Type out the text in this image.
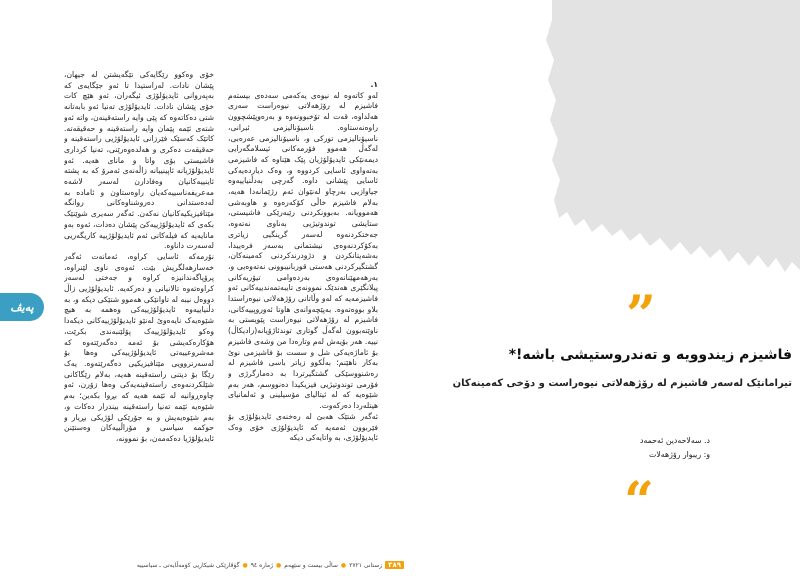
پەیڤ

١.

لەو کاتەوە لە نیوەی یەکەمی سەدەی بیستەم فاشیزم لە رۆژهەلاتی نیوەراست سەری هەلداوە، قەت لە تۆخبوونەوە و بەرەوپێشچوون راوەنەستاوە. ناسیۆنالیزمی ئیرانی، ناسیۆنالیزمی تورکی و، ناسیۆنالیزمی عەرەبی، لەگەڵ هەموو فۆرمەکانی ئیسلامگەرایی دیمەنێکی ئایدیۆلۆژیان پێک هێناوە کە فاشیزمی بەتەواوی ئاسایی کردووە و، وەک دیاردەیەکی ئاسایی پێشانی داوە. گەرچی بەدڵنیاییەوە جیاوازیی بەرچاو لەنێوان ئەم رژێمانەدا هەیە، بەلام فاشیزم خاڵی کۆکەرەوە و هاوبەشی هەموویانە. بەبوونکردنی رێبەرێکی فاشیستی، ستایشی توندوتیژیی بەناوی نەتەوە، جەختکردنەوە لەسەر گرینگیی زیاتری بەکۆکردنەوەی نیشتمانی بەسەر فرەییدا، بەشەیتانکردن و دژودرندکردنی کەمینەکان، گشتگیرکردنی هەستی قوربانیبوونی نەتەوەیی و، بەرهەمهێنانەوەی بەردەوامی تیۆریەکانی پیلانگێری هەندێک نموونەی تایبەتمەندییەکانی ئەو فاشیزمەیە کە لەو وڵاتانی رۆژهەلاتی نیوەراستدا بلاو بووەتەوە. بەپێچەوانەی هاوتا ئەوروپییەکانی، فاشیزم لە رۆژهەلاتی نیوەراست پێویستی بە ناوێتەبوون لەگەڵ گوتاری توندئاژۆیانە(رادیکاڵ) نییە. هەر بۆیەش لەم وتارەدا من وشەی فاشیزم بۆ ئاماژەیەکی شل و سست بۆ فاشیزمی نوێ بەکار ناهێنم؛ بەڵکوو زیاتر باسی فاشیزم لە رەشنووسێکی گشتگیرتردا بە دەمارگرژی و فۆرمی توندوتیژیی فیزیکیدا دەنووسم، هەر بەم شێوەیە کە لە ئیتالیای مۆسیلینی و ئەلمانیای هیتلەردا دەرکەوت.

ئەگەر شتێک هەبێ لە رەخنەی ئایدیۆلۆژی بۆ فێربوون ئەمەیە کە ئایدیۆلۆژی خۆی وەک ئایدیۆلۆژی، بە واتایەکی دیکە

خۆی وەکوو رێگایەکی تێگەیشتن لە جیهان، پێشان نادات. لەراستیدا تا ئەو جێگایەی کە بەپەروانی ئایدیۆلۆژی ئیگەران، ئەو هێچ کات خۆی پێشان نادات. ئایدیۆلۆژی تەنیا ئەو بابەتانە شتی دەکاتەوە کە پێی وایە راستەقینەن، واتە ئەو شتەی ئێمە پێمان وایە راستەقینە و حەقیقەتە. کاتێک کەسێک فێرزانی ئایدیۆلۆژیی راستەقینە و حەقیقەت دەکری و هەلدەوەرێنی، تەنیا کرداری فاشیستی بۆی واتا و مانای هەیە. ئەو ئایدیۆلۆژیانە ئاپینییانە زاڵەنەی ئەمرۆ کە بە پشتە ئاینییەکانیان وەفادارن لەسەر لاشەە مەعریفەناسییەکەیان راوەستاون و ئامادە بە لەدەستدانی دەروشناوەکانی روانگە مێتافیزیکیەکانیان نەکەن. ئەگەر سەیری شوێنێک بکەی کە ئایدیۆلۆژییەکێ پێشان دەدات، ئەوە بەو مانایەیە کە فیلەکانی ئەم ئایدیۆلۆژییە کاریگەریی لەسەرت داناوە.

نۆرمەکە ئاسایی کراوە، ئەمانەت ئەگەر خەسارهەلگریش بێت. ئەوەی ناوی لێنراوە، پرۆپاگەندانیزە کراوە و جەختی لەسەر کراوەتەوە تالانیانی و دەرکەیە. ئایدیۆلۆژیی زاڵ دووەل نیبە لە تاوانێکی هەموو شتێکی دیکە و، بە دڵنیاییەوە ئایدیۆلۆژییەکی وەهمە بە هیچ شێوەیەک نایەەوێ لەنێو ئایدیۆلۆژییەکانی دیکەدا وەکو ئایدیۆلۆژییەک پۆلێنبەندی بکرێت، هۆکارەکەیشی بۆ ئەمە دەگەرێتەوە کە مەشروعییەتی ئایدیۆلۆژییەکی وەها بۆ لەسەرتروویی مێتافیزیکیی دەگەرێتەوە. یەک رێگا بۆ دیتنی راستەقینە هەیە، بەلام رێگاکانی شێلکردنەوەی راستەقینەیەکی وەها زۆرن، ئەو چاوەڕوانیە لە ئێمە هەیە کە بڕوا بکەین؛ بەم شێوەیە ئێمە تەنیا راستەقینە بیندرار دەکات و، بەم شێوەیەیش و بە جۆرێکی لۆژیکی بڕیار و حوکمە سیاسی و مۆراڵییەکان وەستێنن ئایدیۆلۆژیا دەکەمەن، بۆ نموونە،

”
فاشیزم زیندوویه و تەندروستیشی باشە!*
تیرامانێک لەسەر فاشیزم لە رۆژهەلاتی نیوەراست و دۆخی کەمینەکان
د. سەلاحەدین ئەحمەد
و: ریبوار رۆژهەلات
“
گۆڤارێکی شیکاریی کۆمەڵایەتی ـ سیاسییە ● ژمارە ٩٤ ● ساڵی بیست و سێهەم ● زستانی ٢٧٢١ ٣٨٩
